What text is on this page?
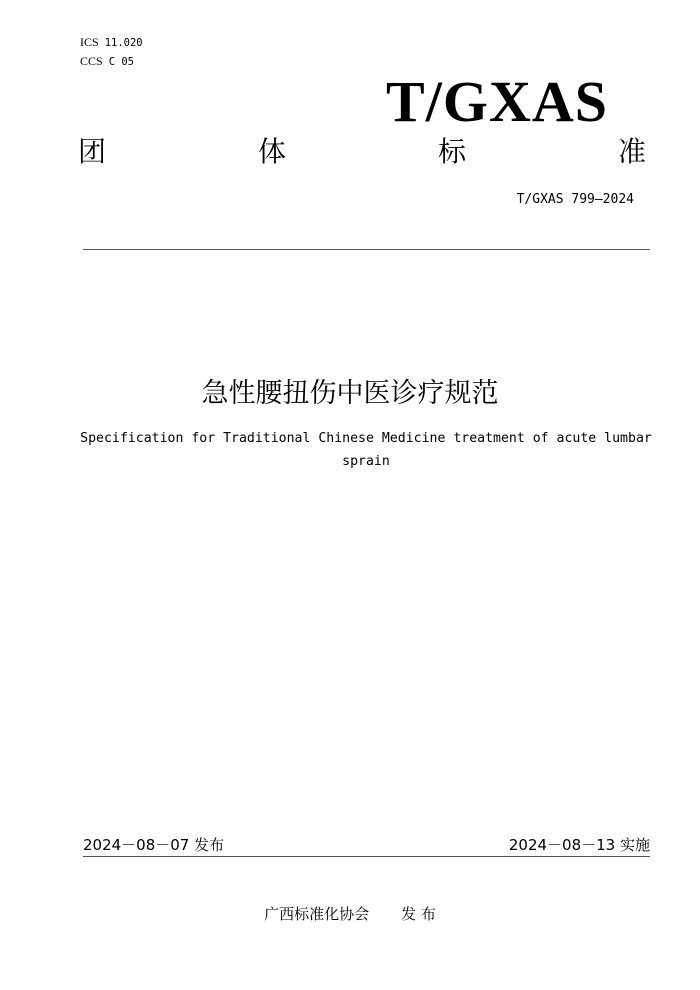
ICS 11.020
CCS C 05
T/GXAS
团	体	标	准
T/GXAS 799—2024
急性腰扭伤中医诊疗规范
Specification for Traditional Chinese Medicine treatment of acute lumbar sprain
2024－08－07 发布	2024－08－13 实施
广西标准化协会 发 布
